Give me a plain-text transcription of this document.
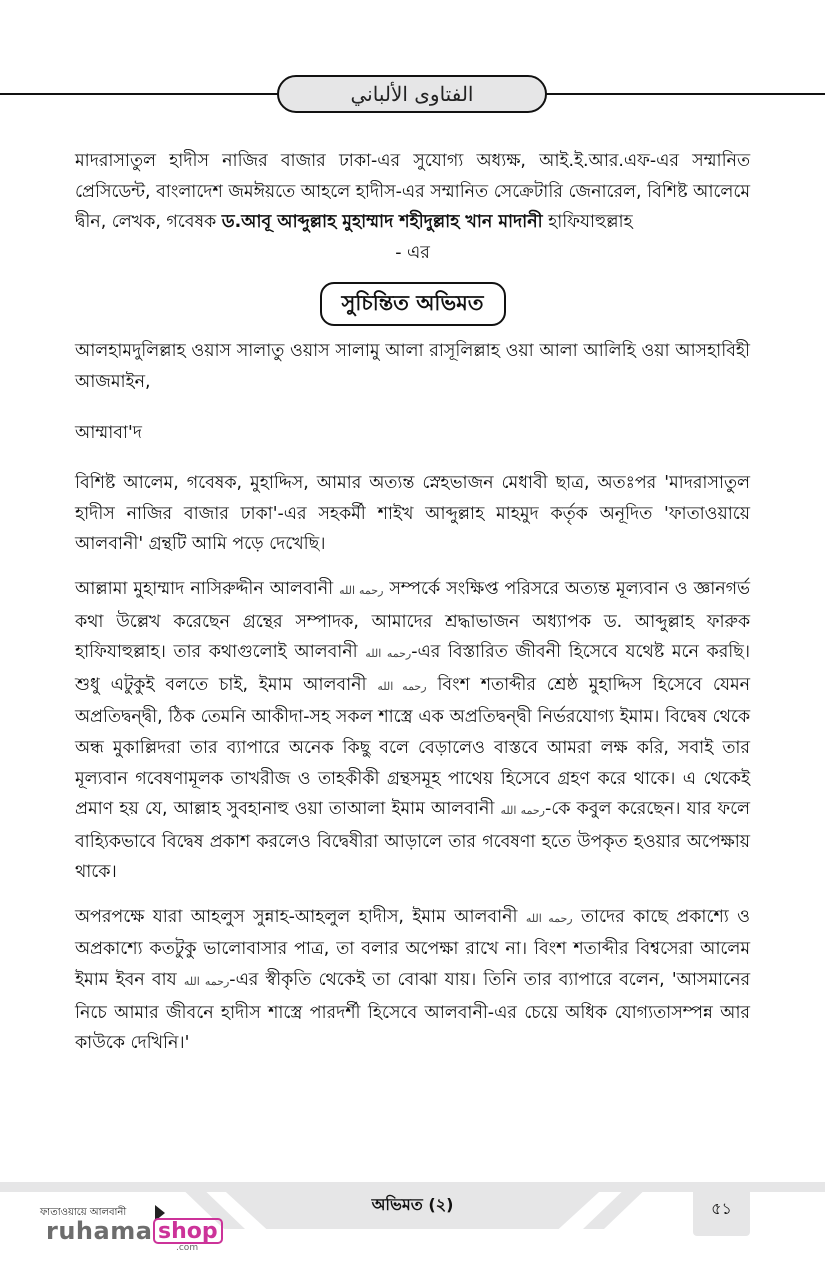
الفتاوى الألباني

মাদরাসাতুল হাদীস নাজির বাজার ঢাকা-এর সুযোগ্য অধ্যক্ষ, আই.ই.আর.এফ-এর সম্মানিত প্রেসিডেন্ট, বাংলাদেশ জমঈয়তে আহলে হাদীস-এর সম্মানিত সেক্রেটারি জেনারেল, বিশিষ্ট আলেমে দ্বীন, লেখক, গবেষক ড.আবূ আব্দুল্লাহ মুহাম্মাদ শহীদুল্লাহ খান মাদানী হাফিযাহুল্লাহ

- এর

সুচিন্তিত অভিমত

আলহামদুলিল্লাহ ওয়াস সালাতু ওয়াস সালামু আলা রাসূলিল্লাহ ওয়া আলা আলিহি ওয়া আসহাবিহী আজমাইন,

আম্মাবা'দ

বিশিষ্ট আলেম, গবেষক, মুহাদ্দিস, আমার অত্যন্ত স্নেহভাজন মেধাবী ছাত্র, অতঃপর 'মাদরাসাতুল হাদীস নাজির বাজার ঢাকা'-এর সহকর্মী শাইখ আব্দুল্লাহ মাহমুদ কর্তৃক অনূদিত 'ফাতাওয়ায়ে আলবানী' গ্রন্থটি আমি পড়ে দেখেছি।

আল্লামা মুহাম্মাদ নাসিরুদ্দীন আলবানী رحمه الله সম্পর্কে সংক্ষিপ্ত পরিসরে অত্যন্ত মূল্যবান ও জ্ঞানগর্ভ কথা উল্লেখ করেছেন গ্রন্থের সম্পাদক, আমাদের শ্রদ্ধাভাজন অধ্যাপক ড. আব্দুল্লাহ ফারুক হাফিযাহুল্লাহ। তার কথাগুলোই আলবানী رحمه الله-এর বিস্তারিত জীবনী হিসেবে যথেষ্ট মনে করছি। শুধু এটুকুই বলতে চাই, ইমাম আলবানী رحمه الله বিংশ শতাব্দীর শ্রেষ্ঠ মুহাদ্দিস হিসেবে যেমন অপ্রতিদ্বন্দ্বী, ঠিক তেমনি আকীদা-সহ সকল শাস্ত্রে এক অপ্রতিদ্বন্দ্বী নির্ভরযোগ্য ইমাম। বিদ্বেষ থেকে অন্ধ মুকাল্লিদরা তার ব্যাপারে অনেক কিছু বলে বেড়ালেও বাস্তবে আমরা লক্ষ করি, সবাই তার মূল্যবান গবেষণামূলক তাখরীজ ও তাহকীকী গ্রন্থসমূহ পাথেয় হিসেবে গ্রহণ করে থাকে। এ থেকেই প্রমাণ হয় যে, আল্লাহ সুবহানাহু ওয়া তাআলা ইমাম আলবানী رحمه الله-কে কবুল করেছেন। যার ফলে বাহ্যিকভাবে বিদ্বেষ প্রকাশ করলেও বিদ্বেষীরা আড়ালে তার গবেষণা হতে উপকৃত হওয়ার অপেক্ষায় থাকে।

অপরপক্ষে যারা আহলুস সুন্নাহ-আহলুল হাদীস, ইমাম আলবানী رحمه الله তাদের কাছে প্রকাশ্যে ও অপ্রকাশ্যে কতটুকু ভালোবাসার পাত্র, তা বলার অপেক্ষা রাখে না। বিংশ শতাব্দীর বিশ্বসেরা আলেম ইমাম ইবন বায رحمه الله-এর স্বীকৃতি থেকেই তা বোঝা যায়। তিনি তার ব্যাপারে বলেন, 'আসমানের নিচে আমার জীবনে হাদীস শাস্ত্রে পারদর্শী হিসেবে আলবানী-এর চেয়ে অধিক যোগ্যতাসম্পন্ন আর কাউকে দেখিনি।'

৫১
অভিমত (২)
ফাতাওয়ায়ে আলবানী
ruhama shop
.com
